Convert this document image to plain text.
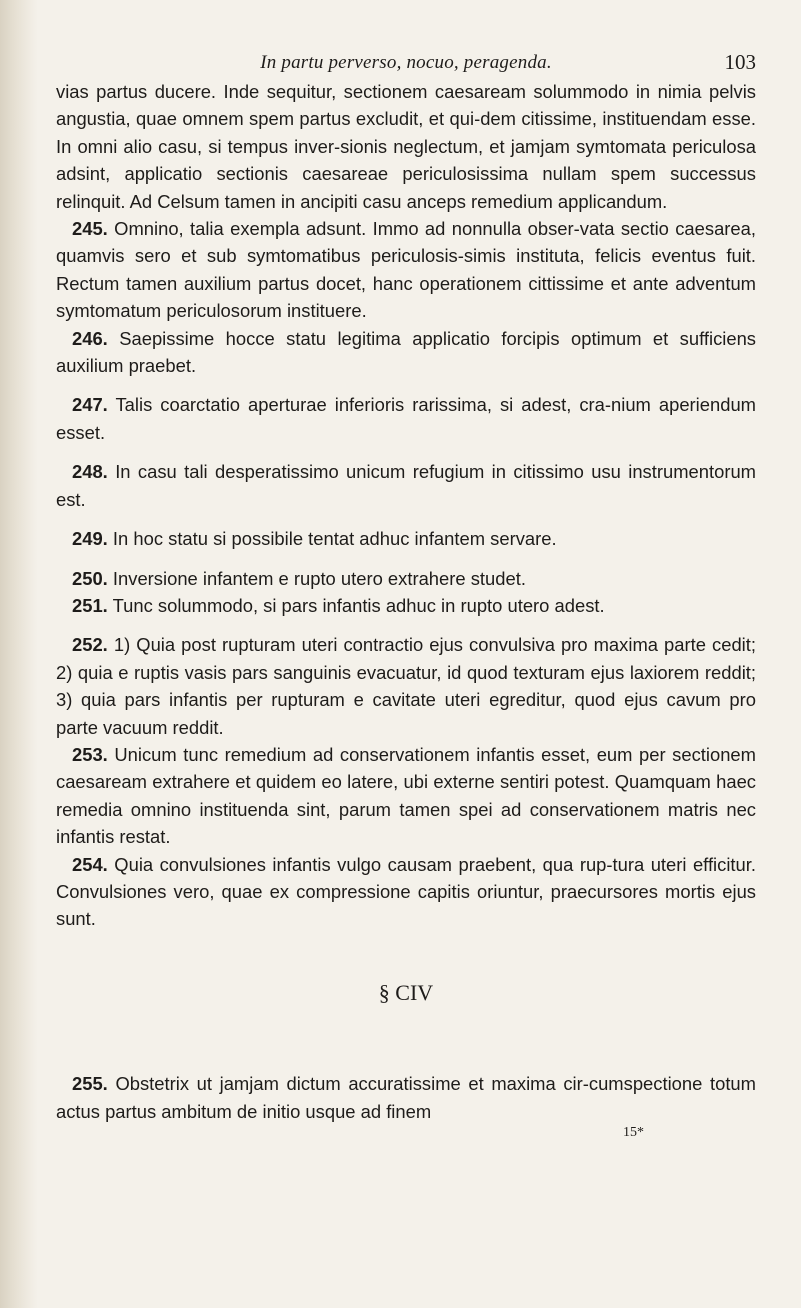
In partu perverso, nocuo, peragenda.	103

vias partus ducere. Inde sequitur, sectionem caesaream solummodo in nimia pelvis angustia, quae omnem spem partus excludit, et qui-dem citissime, instituendam esse. In omni alio casu, si tempus inver-sionis neglectum, et jamjam symtomata periculosa adsint, applicatio sectionis caesareae periculosissima nullam spem successus relinquit. Ad Celsum tamen in ancipiti casu anceps remedium applicandum.

245. Omnino, talia exempla adsunt. Immo ad nonnulla obser-vata sectio caesarea, quamvis sero et sub symtomatibus periculosis-simis instituta, felicis eventus fuit. Rectum tamen auxilium partus docet, hanc operationem cittissime et ante adventum symtomatum periculosorum instituere.

246. Saepissime hocce statu legitima applicatio forcipis optimum et sufficiens auxilium praebet.

247. Talis coarctatio aperturae inferioris rarissima, si adest, cra-nium aperiendum esset.

248. In casu tali desperatissimo unicum refugium in citissimo usu instrumentorum est.

249. In hoc statu si possibile tentat adhuc infantem servare.

250. Inversione infantem e rupto utero extrahere studet.

251. Tunc solummodo, si pars infantis adhuc in rupto utero adest.

252. 1) Quia post rupturam uteri contractio ejus convulsiva pro maxima parte cedit; 2) quia e ruptis vasis pars sanguinis evacuatur, id quod texturam ejus laxiorem reddit; 3) quia pars infantis per rupturam e cavitate uteri egreditur, quod ejus cavum pro parte vacuum reddit.

253. Unicum tunc remedium ad conservationem infantis esset, eum per sectionem caesaream extrahere et quidem eo latere, ubi externe sentiri potest. Quamquam haec remedia omnino instituenda sint, parum tamen spei ad conservationem matris nec infantis restat.

254. Quia convulsiones infantis vulgo causam praebent, qua rup-tura uteri efficitur. Convulsiones vero, quae ex compressione capitis oriuntur, praecursores mortis ejus sunt.

§ CIV

255. Obstetrix ut jamjam dictum accuratissime et maxima cir-cumspectione totum actus partus ambitum de initio usque ad finem

15*
